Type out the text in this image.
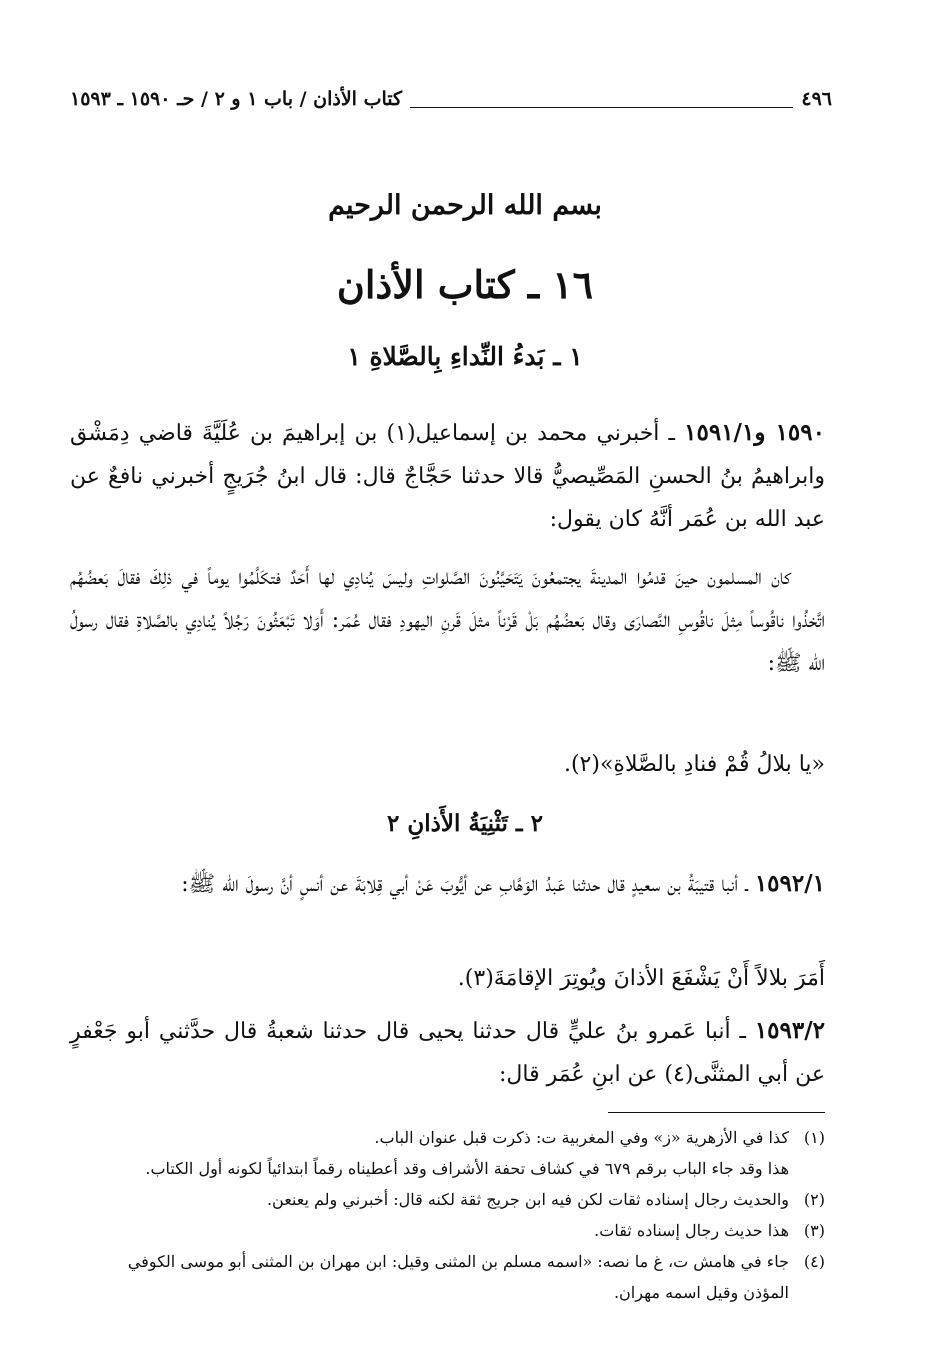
٤٩٦
كتاب الأذان / باب ١ و ٢ / حـ ١٥٩٠ ـ ١٥٩٣
بسم الله الرحمن الرحيم
١٦ ـ كتاب الأذان
١ ـ بَدءُ النِّداءِ بِالصَّلاةِ ١
١٥٩٠ و١٥٩١/١ ـ أخبرني محمد بن إسماعيل(١) بن إبراهيمَ بن عُلَيَّةَ قاضي دِمَشْق وابراهيمُ بنُ الحسنِ المَصِّيصيُّ قالا حدثنا حَجَّاجٌ قال: قال ابنُ جُرَيجٍ أخبرني نافعٌ عن عبد الله بن عُمَر أنَّهُ كان يقول:
كان المسلمون حينَ قدمُوا المدينةَ يجتمعُونَ يَتَحَيَّنُونَ الصَّلواتِ وليسَ يُنادِي لها أَحَدٌ فتكَلَّمُوا يوماً في ذلِكَ فقالَ بَعضُهُم اتَّخذُوا ناقُوساً مِثلَ ناقُوسِ النَّصارَى وقال بَعضُهُم بَلْ قَرْناً مثلَ قَرنِ اليهودِ فقال عُمَر: أَوَلا تَبْعَثُونَ رَجُلاً يُنادِي بالصَّلاةِ فقال رسولُ الله ﷺ:
«يا بلالُ قُمْ فنادِ بالصَّلاةِ»(٢).
٢ ـ تَثْنِيَةُ الأَذانِ ٢
١٥٩٢/١ ـ أنبا قتيبَةُ بن سعيدٍ قال حدثنا عَبدُ الوَهَّابِ عن أيُّوبَ عَنْ أبي قِلابَةَ عن أنسٍ أنَّ رسولَ الله ﷺ:
أَمَرَ بلالاً أَنْ يَشْفَعَ الأذانَ ويُوتِرَ الإقامَةَ(٣).
١٥٩٣/٢ ـ أنبا عَمرو بنُ عليٍّ قال حدثنا يحيى قال حدثنا شعبةُ قال حدَّثني أبو جَعْفرٍ عن أبي المثنَّى(٤) عن ابنِ عُمَر قال:
(١)
كذا في الأزهرية «ز» وفي المغربية ت: ذكرت قبل عنوان الباب.
هذا وقد جاء الباب برقم ٦٧٩ في كشاف تحفة الأشراف وقد أعطيناه رقماً ابتدائياً لكونه أول الكتاب.
(٢)
والحديث رجال إسناده ثقات لكن فيه ابن جريج ثقة لكنه قال: أخبرني ولم يعنعن.
(٣)
هذا حديث رجال إسناده ثقات.
(٤)
جاء في هامش ت، غ ما نصه: «اسمه مسلم بن المثنى وقيل: ابن مهران بن المثنى أبو موسى الكوفي
المؤذن وقيل اسمه مهران.
